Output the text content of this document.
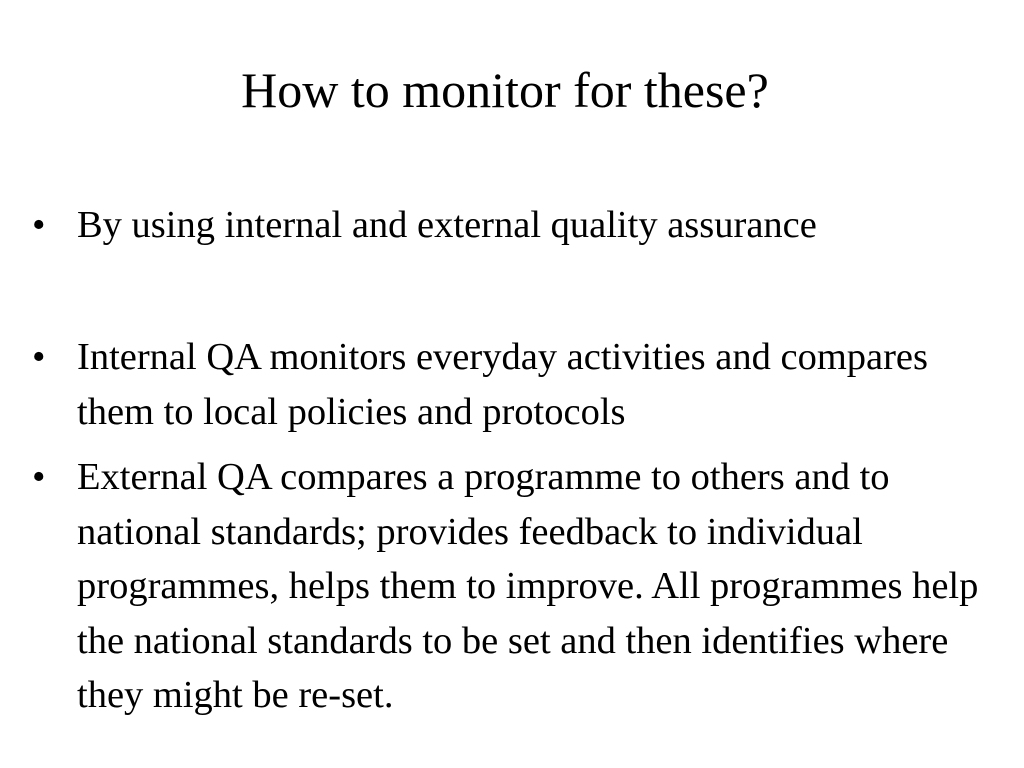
How to monitor for these?
• By using internal and external quality assurance
• Internal QA monitors everyday activities and compares them to local policies and protocols
• External QA compares a programme to others and to national standards; provides feedback to individual programmes, helps them to improve. All programmes help the national standards to be set and then identifies where they might be re-set.
